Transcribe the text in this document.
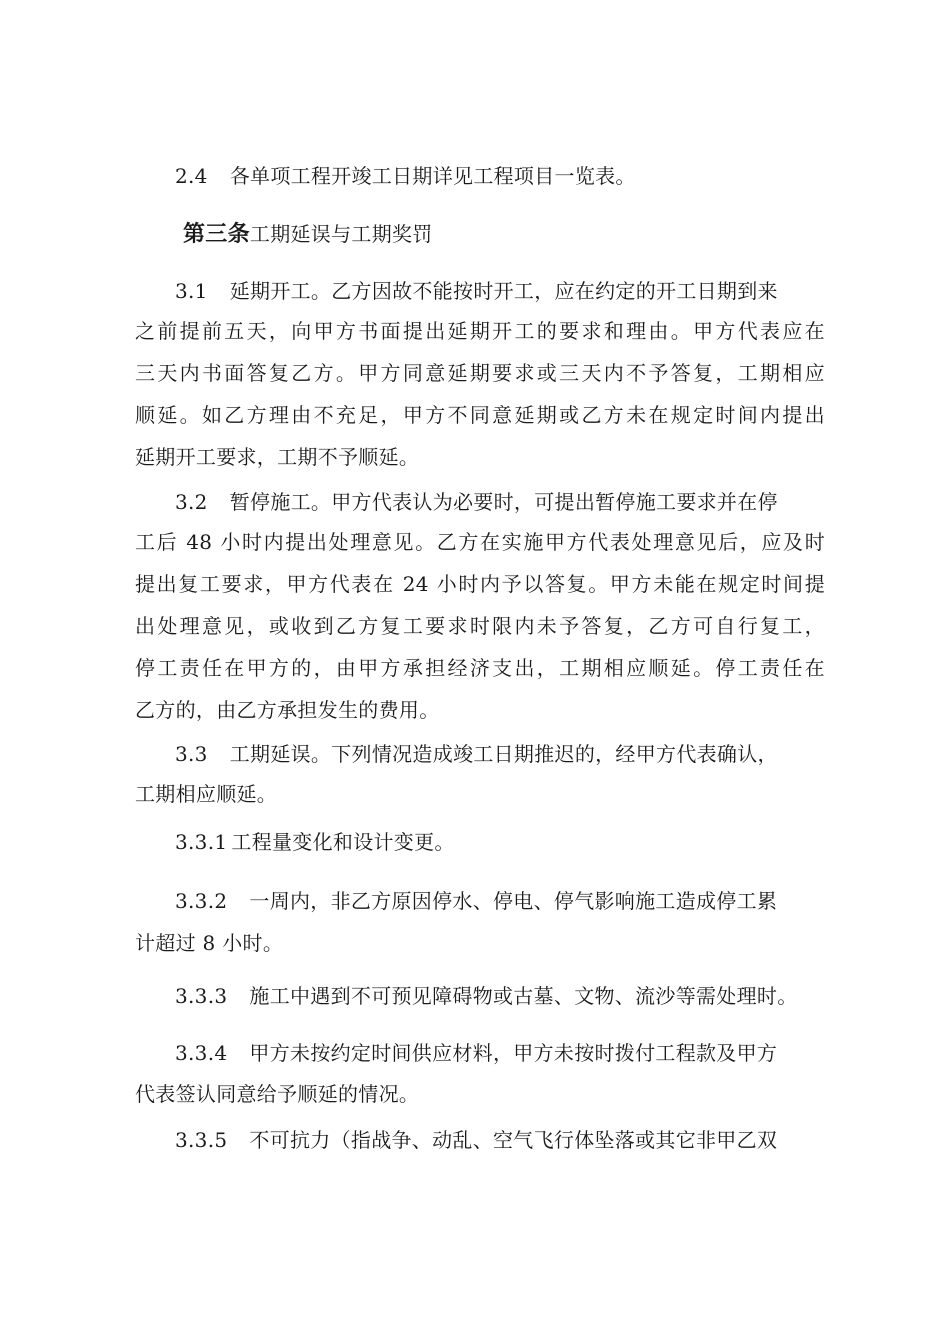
2.4 各单项工程开竣工日期详见工程项目一览表。
第三条工期延误与工期奖罚
3.1 延期开工。乙方因故不能按时开工，应在约定的开工日期到来
之前提前五天，向甲方书面提出延期开工的要求和理由。甲方代表应在
三天内书面答复乙方。甲方同意延期要求或三天内不予答复，工期相应
顺延。如乙方理由不充足，甲方不同意延期或乙方未在规定时间内提出
延期开工要求，工期不予顺延。
3.2 暂停施工。甲方代表认为必要时，可提出暂停施工要求并在停
工后 48 小时内提出处理意见。乙方在实施甲方代表处理意见后，应及时
提出复工要求，甲方代表在 24 小时内予以答复。甲方未能在规定时间提
出处理意见，或收到乙方复工要求时限内未予答复，乙方可自行复工，
停工责任在甲方的，由甲方承担经济支出，工期相应顺延。停工责任在
乙方的，由乙方承担发生的费用。
3.3 工期延误。下列情况造成竣工日期推迟的，经甲方代表确认，
工期相应顺延。
3.3.1 工程量变化和设计变更。
3.3.2 一周内，非乙方原因停水、停电、停气影响施工造成停工累
计超过 8 小时。
3.3.3 施工中遇到不可预见障碍物或古墓、文物、流沙等需处理时。
3.3.4 甲方未按约定时间供应材料，甲方未按时拨付工程款及甲方
代表签认同意给予顺延的情况。
3.3.5 不可抗力（指战争、动乱、空气飞行体坠落或其它非甲乙双
